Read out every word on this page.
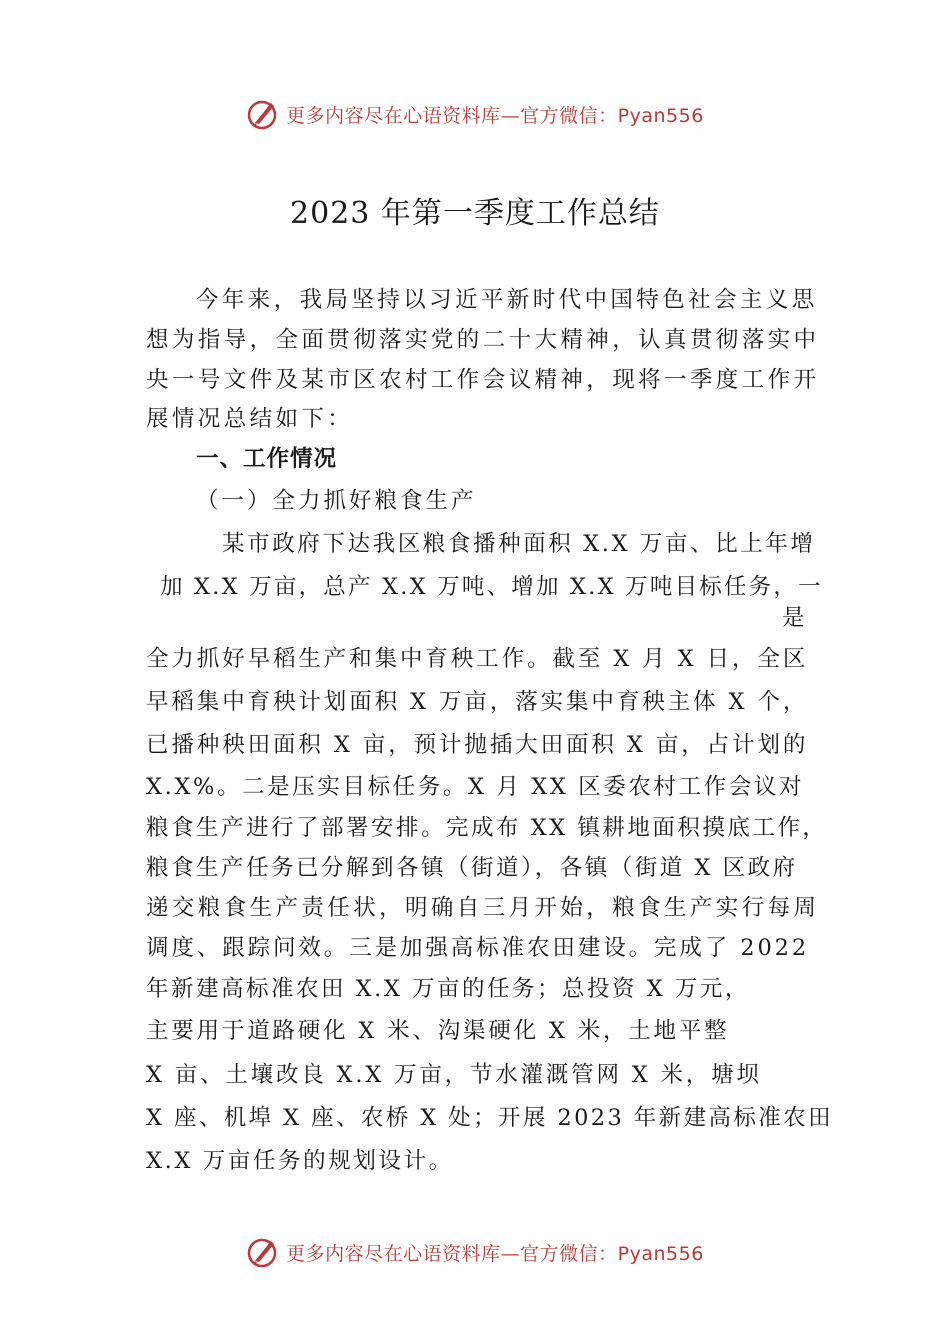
更多内容尽在心语资料库—官方微信：Pyan556
2023 年第一季度工作总结

今年来，我局坚持以习近平新时代中国特色社会主义思

想为指导，全面贯彻落实党的二十大精神，认真贯彻落实中

央一号文件及某市区农村工作会议精神，现将一季度工作开

展情况总结如下：

一、工作情况

（一）全力抓好粮食生产

某市政府下达我区粮食播种面积 X.X 万亩、比上年增

加 X.X 万亩，总产 X.X 万吨、增加 X.X 万吨目标任务，一

是

全力抓好早稻生产和集中育秧工作。截至 X 月 X 日，全区

早稻集中育秧计划面积 X 万亩，落实集中育秧主体 X 个，

已播种秧田面积 X 亩，预计抛插大田面积 X 亩，占计划的

X.X%。二是压实目标任务。X 月 XX 区委农村工作会议对

粮食生产进行了部署安排。完成布 XX 镇耕地面积摸底工作，

粮食生产任务已分解到各镇（街道），各镇（街道 X 区政府

递交粮食生产责任状，明确自三月开始，粮食生产实行每周

调度、跟踪问效。三是加强高标准农田建设。完成了 2022

年新建高标准农田 X.X 万亩的任务；总投资 X 万元，

主要用于道路硬化 X 米、沟渠硬化 X 米，土地平整

X 亩、土壤改良 X.X 万亩，节水灌溉管网 X 米，塘坝

X 座、机埠 X 座、农桥 X 处；开展 2023 年新建高标准农田

X.X 万亩任务的规划设计。

更多内容尽在心语资料库—官方微信：Pyan556
